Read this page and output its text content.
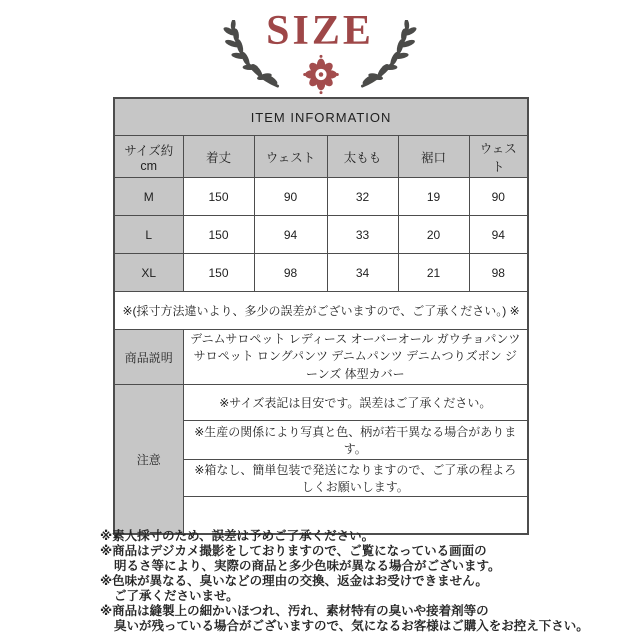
SIZE
ITEM INFORMATION					
サイズ約cm	着丈	ウェスト	太もも	裾口	ウェスト
M	150	90	32	19	90
L	150	94	33	20	94
XL	150	98	34	21	98
※(採寸方法違いより、多少の誤差がございますので、ご了承ください。) ※					
商品説明	デニムサロペット レディース オーバーオール ガウチョパンツ サロペット ロングパンツ デニムパンツ デニムつりズボン ジーンズ 体型カバー				
注意	※サイズ表記は目安です。誤差はご了承ください。				
	※生産の関係により写真と色、柄が若干異なる場合があります。				
	※箱なし、簡単包装で発送になりますので、ご了承の程よろしくお願いします。				

※素人採寸のため、誤差は予めご了承ください。
※商品はデジカメ撮影をしておりますので、ご覧になっている画面の
明るさ等により、実際の商品と多少色味が異なる場合がございます。
※色味が異なる、臭いなどの理由の交換、返金はお受けできません。
ご了承くださいませ。
※商品は縫製上の細かいほつれ、汚れ、素材特有の臭いや接着剤等の
臭いが残っている場合がございますので、気になるお客様はご購入をお控え下さい。
